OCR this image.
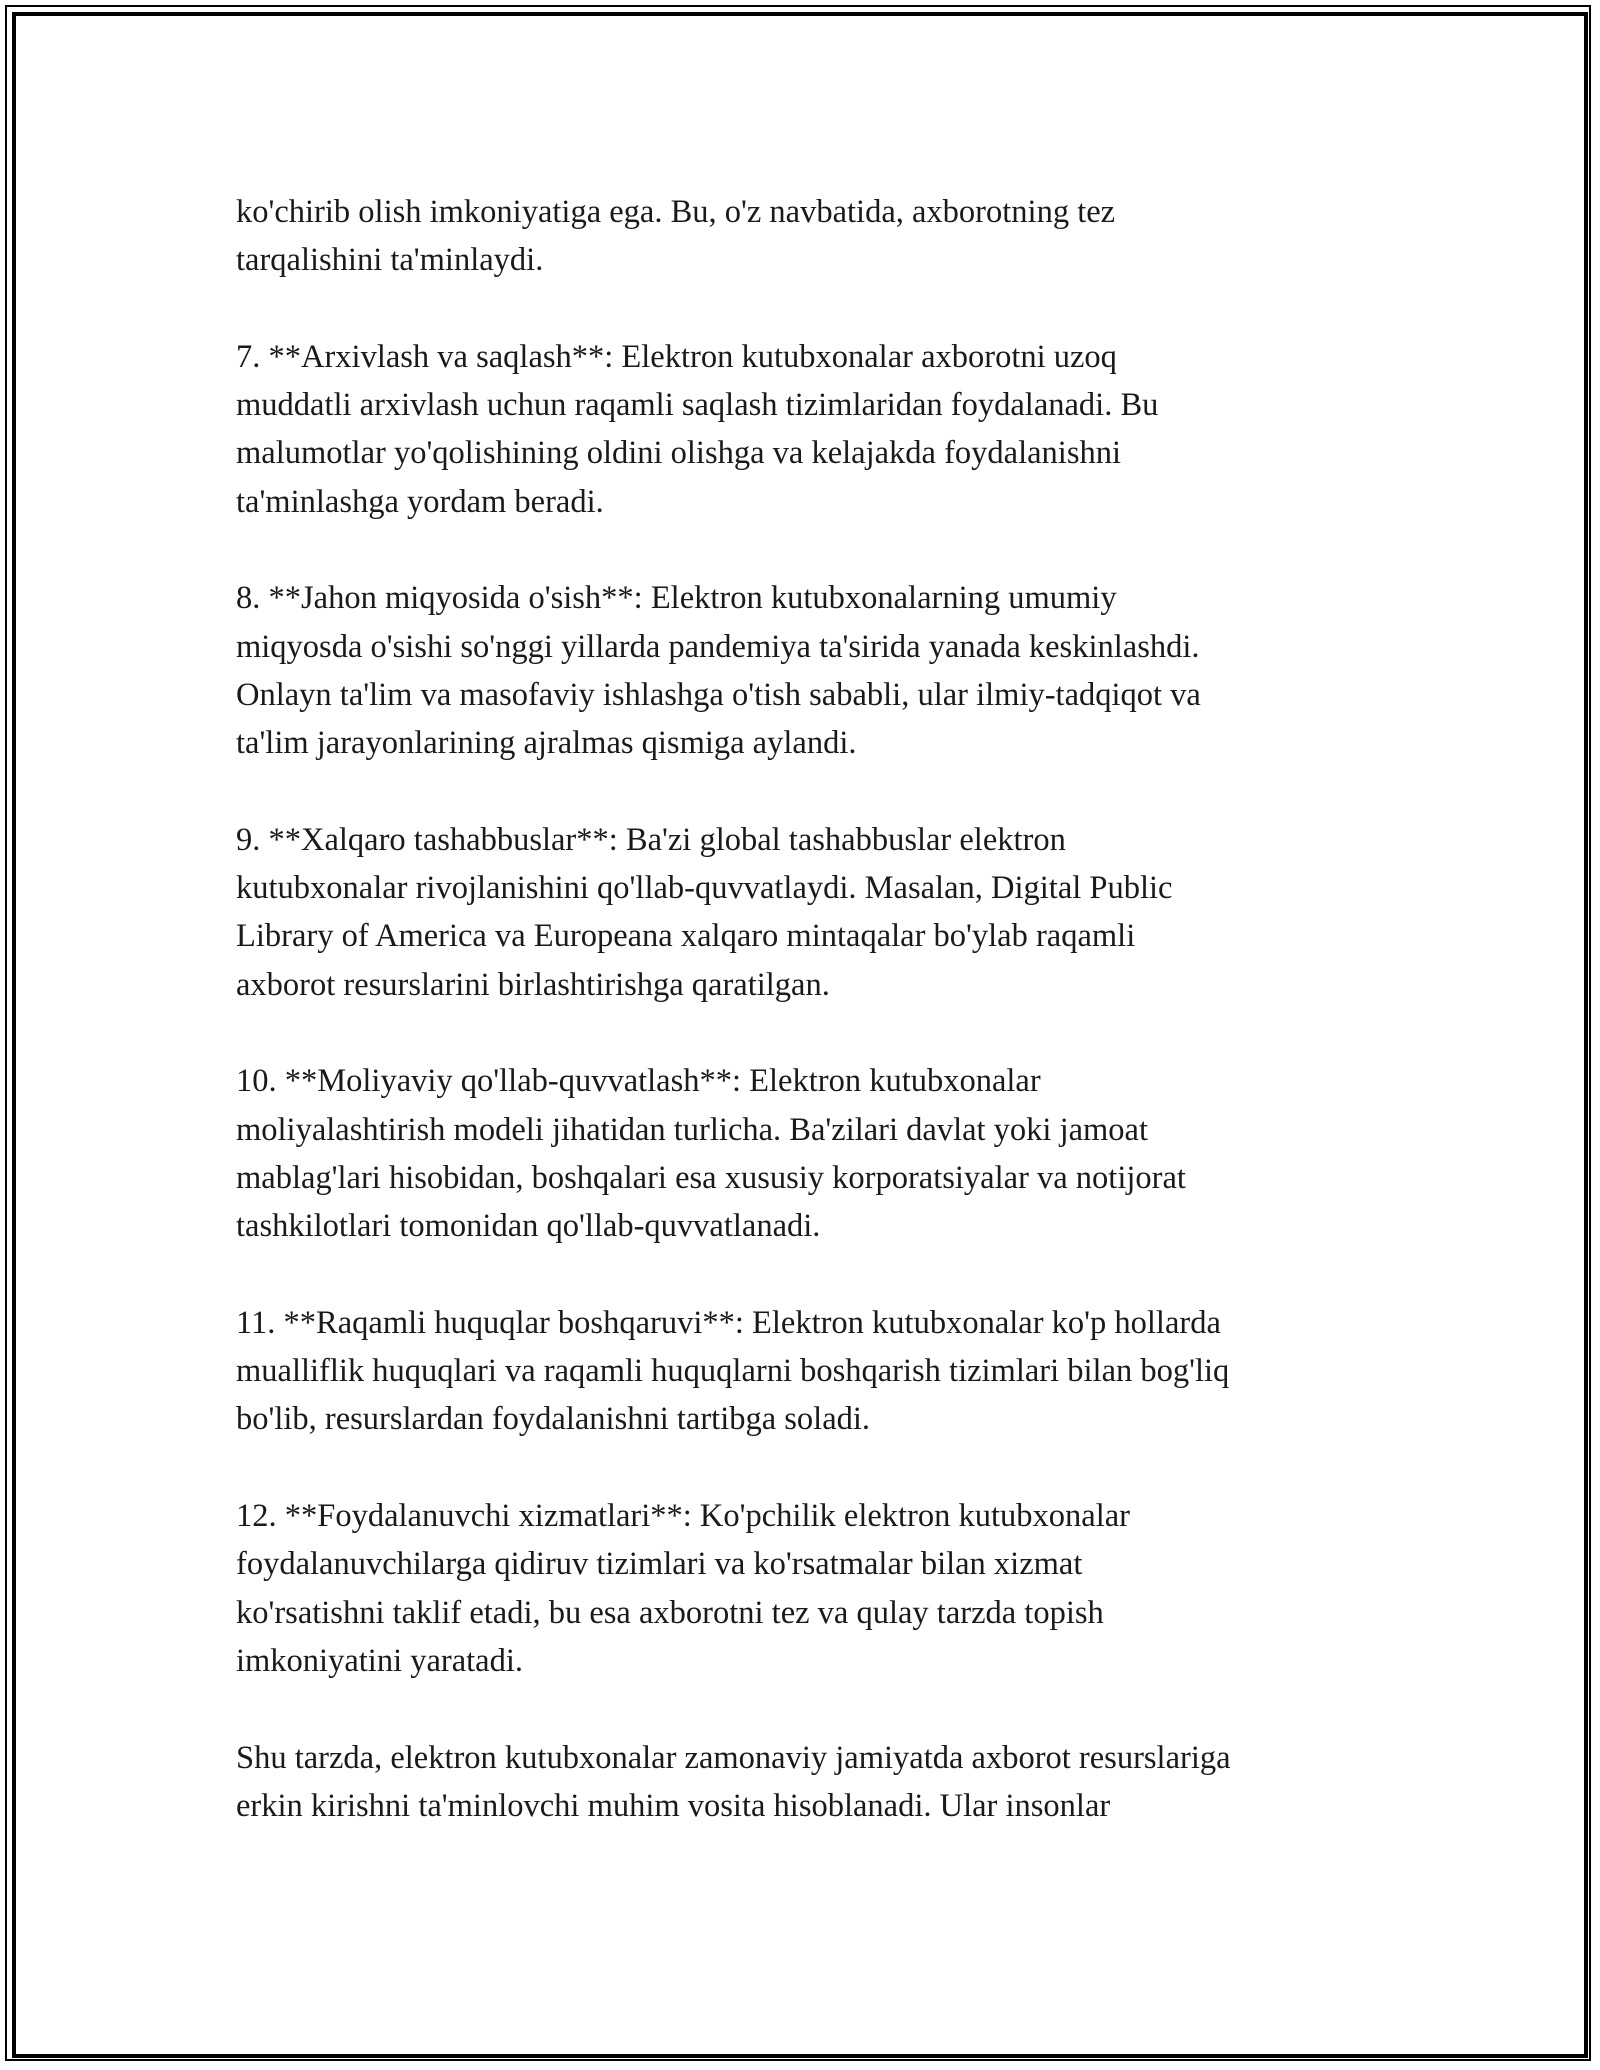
ko'chirib olish imkoniyatiga ega. Bu, o'z navbatida, axborotning tez
tarqalishini ta'minlaydi.

7. **Arxivlash va saqlash**: Elektron kutubxonalar axborotni uzoq
muddatli arxivlash uchun raqamli saqlash tizimlaridan foydalanadi. Bu
malumotlar yo'qolishining oldini olishga va kelajakda foydalanishni
ta'minlashga yordam beradi.

8. **Jahon miqyosida o'sish**: Elektron kutubxonalarning umumiy
miqyosda o'sishi so'nggi yillarda pandemiya ta'sirida yanada keskinlashdi.
Onlayn ta'lim va masofaviy ishlashga o'tish sababli, ular ilmiy-tadqiqot va
ta'lim jarayonlarining ajralmas qismiga aylandi.

9. **Xalqaro tashabbuslar**: Ba'zi global tashabbuslar elektron
kutubxonalar rivojlanishini qo'llab-quvvatlaydi. Masalan, Digital Public
Library of America va Europeana xalqaro mintaqalar bo'ylab raqamli
axborot resurslarini birlashtirishga qaratilgan.

10. **Moliyaviy qo'llab-quvvatlash**: Elektron kutubxonalar
moliyalashtirish modeli jihatidan turlicha. Ba'zilari davlat yoki jamoat
mablag'lari hisobidan, boshqalari esa xususiy korporatsiyalar va notijorat
tashkilotlari tomonidan qo'llab-quvvatlanadi.

11. **Raqamli huquqlar boshqaruvi**: Elektron kutubxonalar ko'p hollarda
mualliflik huquqlari va raqamli huquqlarni boshqarish tizimlari bilan bog'liq
bo'lib, resurslardan foydalanishni tartibga soladi.

12. **Foydalanuvchi xizmatlari**: Ko'pchilik elektron kutubxonalar
foydalanuvchilarga qidiruv tizimlari va ko'rsatmalar bilan xizmat
ko'rsatishni taklif etadi, bu esa axborotni tez va qulay tarzda topish
imkoniyatini yaratadi.

Shu tarzda, elektron kutubxonalar zamonaviy jamiyatda axborot resurslariga
erkin kirishni ta'minlovchi muhim vosita hisoblanadi. Ular insonlar
